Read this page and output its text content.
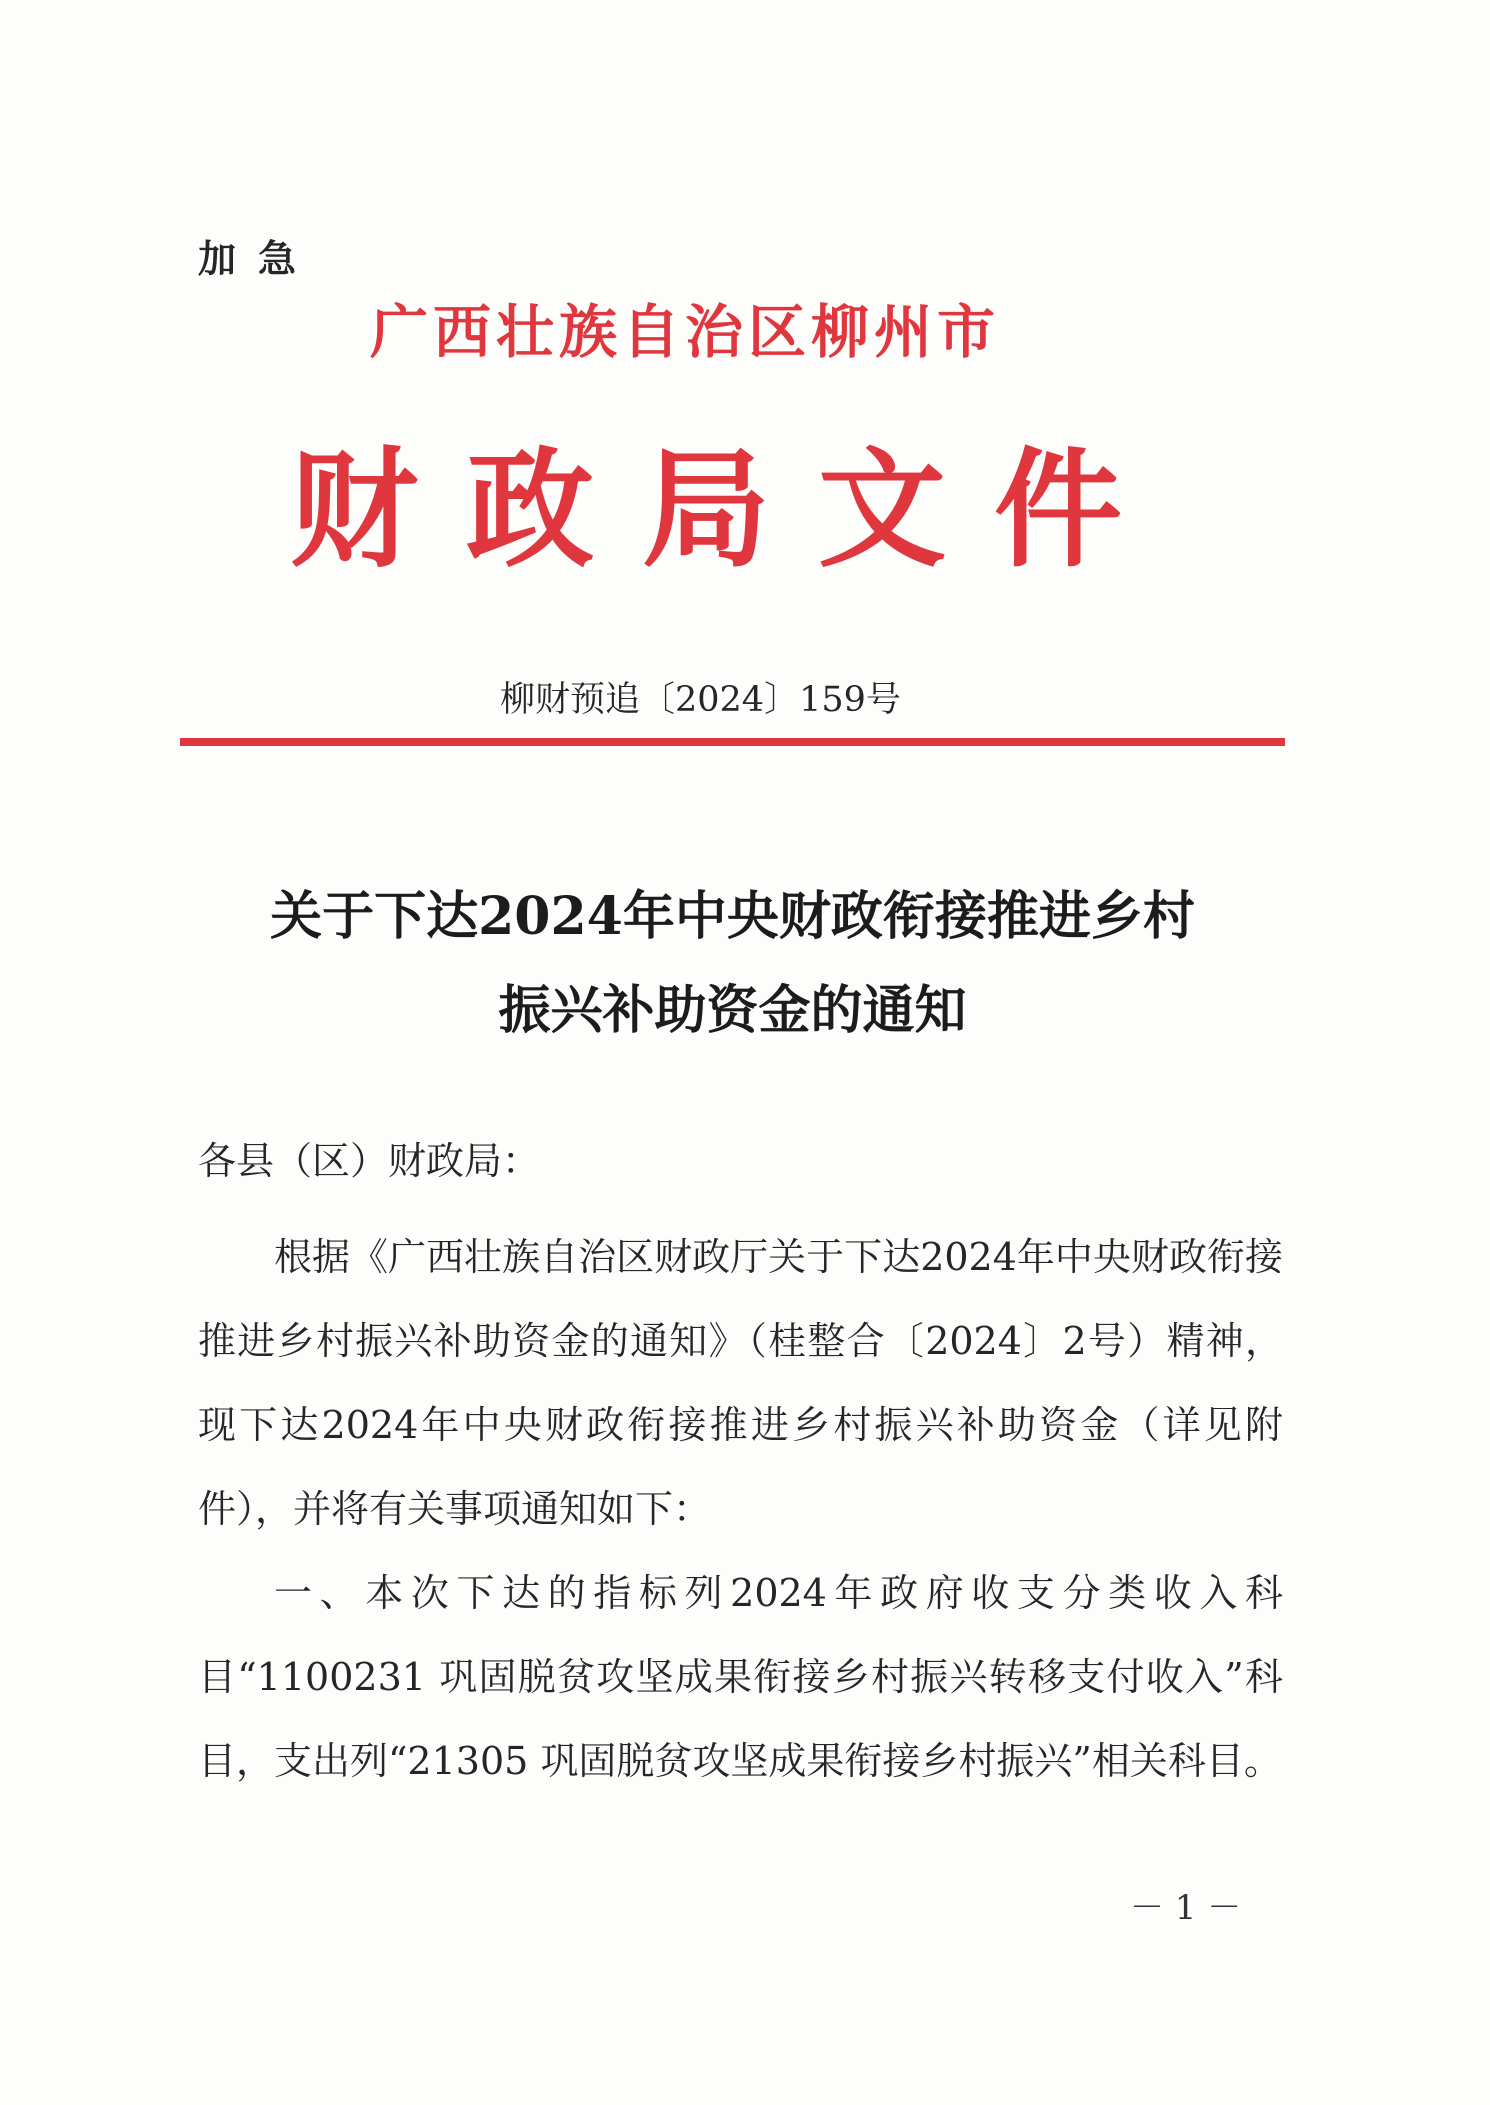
加急
广西壮族自治区柳州市
财政局文件
柳财预追〔2024〕159号
关于下达2024年中央财政衔接推进乡村
振兴补助资金的通知
各县（区）财政局：

根据《广西壮族自治区财政厅关于下达2024年中央财政衔接推进乡村振兴补助资金的通知》（桂整合〔2024〕2号）精神，现下达2024年中央财政衔接推进乡村振兴补助资金（详见附件），并将有关事项通知如下：

一、本次下达的指标列2024年政府收支分类收入科目“1100231 巩固脱贫攻坚成果衔接乡村振兴转移支付收入”科目，支出列“21305 巩固脱贫攻坚成果衔接乡村振兴”相关科目。

－ 1 －
